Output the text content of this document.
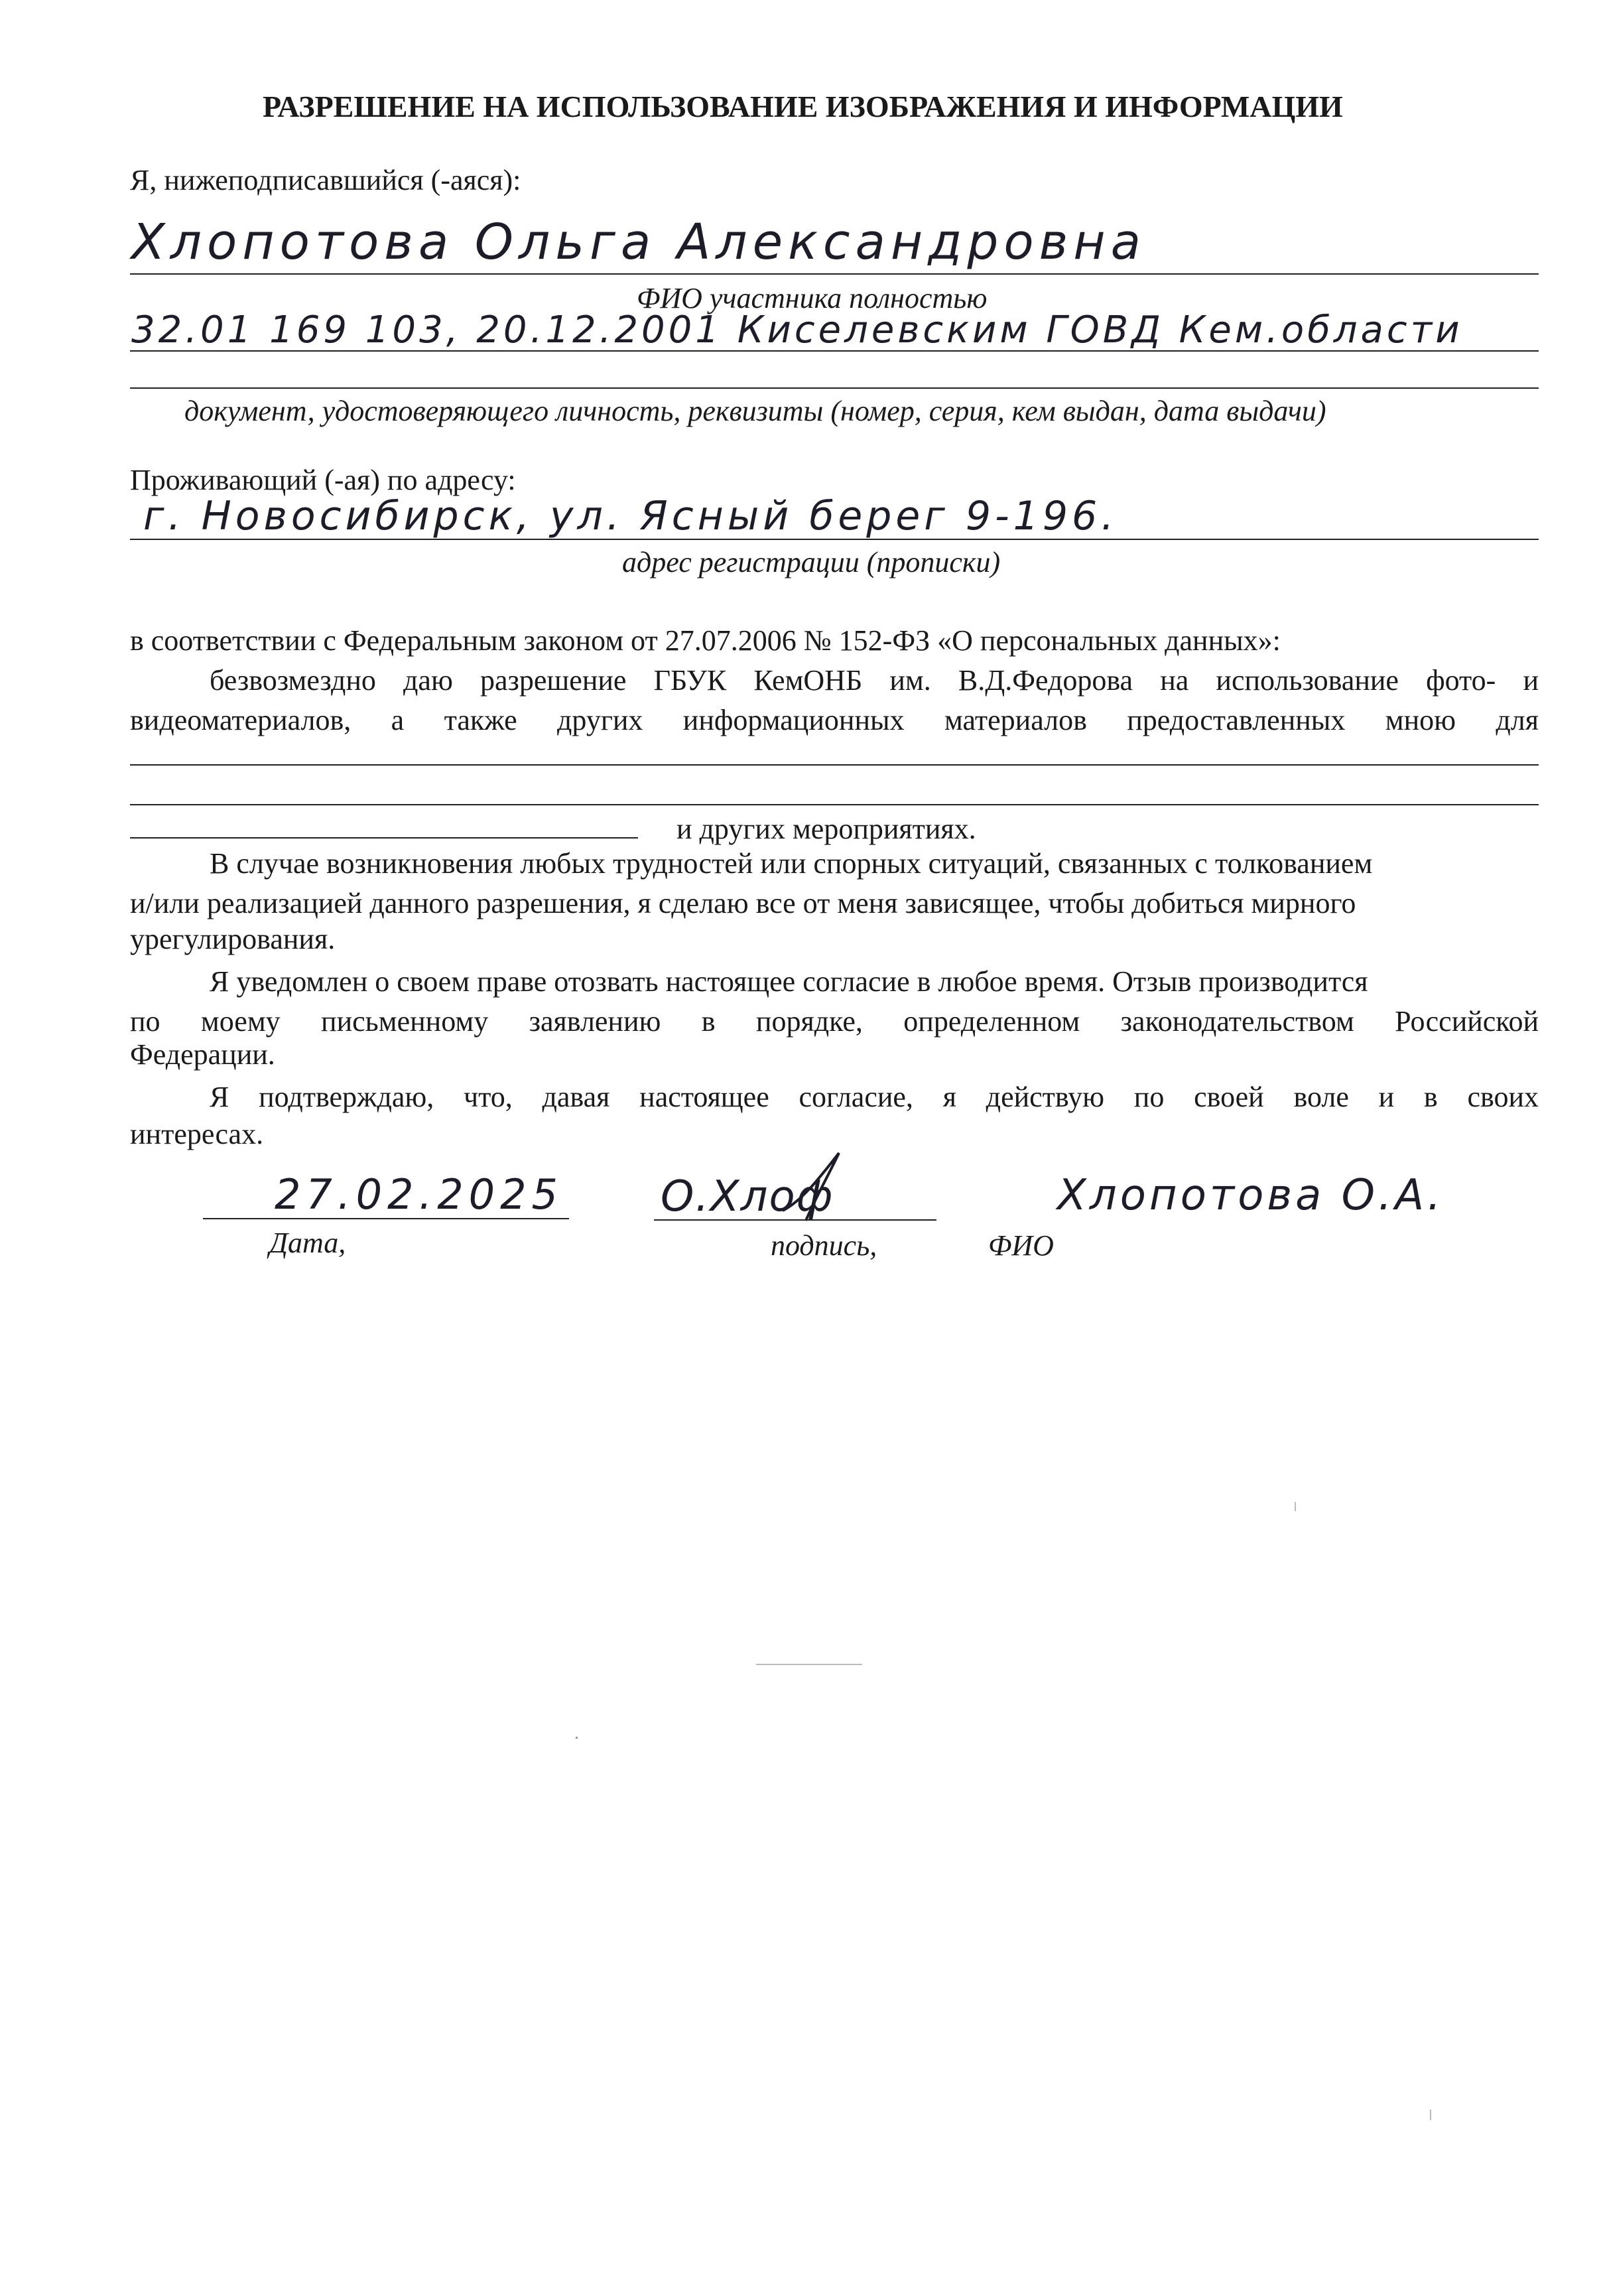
РАЗРЕШЕНИЕ НА ИСПОЛЬЗОВАНИЕ ИЗОБРАЖЕНИЯ И ИНФОРМАЦИИ
Я, нижеподписавшийся (-аяся):
Хлопотова Ольга Александровна
ФИО участника полностью
32.01 169 103, 20.12.2001 Киселевским ГОВД Кем.области
документ, удостоверяющего личность, реквизиты (номер, серия, кем выдан, дата выдачи)
Проживающий (-ая) по адресу:
г. Новосибирск, ул. Ясный берег 9-196.
адрес регистрации (прописки)
в соответствии с Федеральным законом от 27.07.2006 № 152-ФЗ «О персональных данных»:
безвозмездно даю разрешение ГБУК КемОНБ им. В.Д.Федорова на использование фото- и
видеоматериалов, а также других информационных материалов предоставленных мною для
и других мероприятиях.
В случае возникновения любых трудностей или спорных ситуаций, связанных с толкованием
и/или реализацией данного разрешения, я сделаю все от меня зависящее, чтобы добиться мирного
урегулирования.
Я уведомлен о своем праве отозвать настоящее согласие в любое время. Отзыв производится
по моему письменному заявлению в порядке, определенном законодательством Российской
Федерации.
Я подтверждаю, что, давая настоящее согласие, я действую по своей воле и в своих
интересах.
27.02.2025
Дата,
О.Хлоф
подпись,
Хлопотова О.А.
ФИО
